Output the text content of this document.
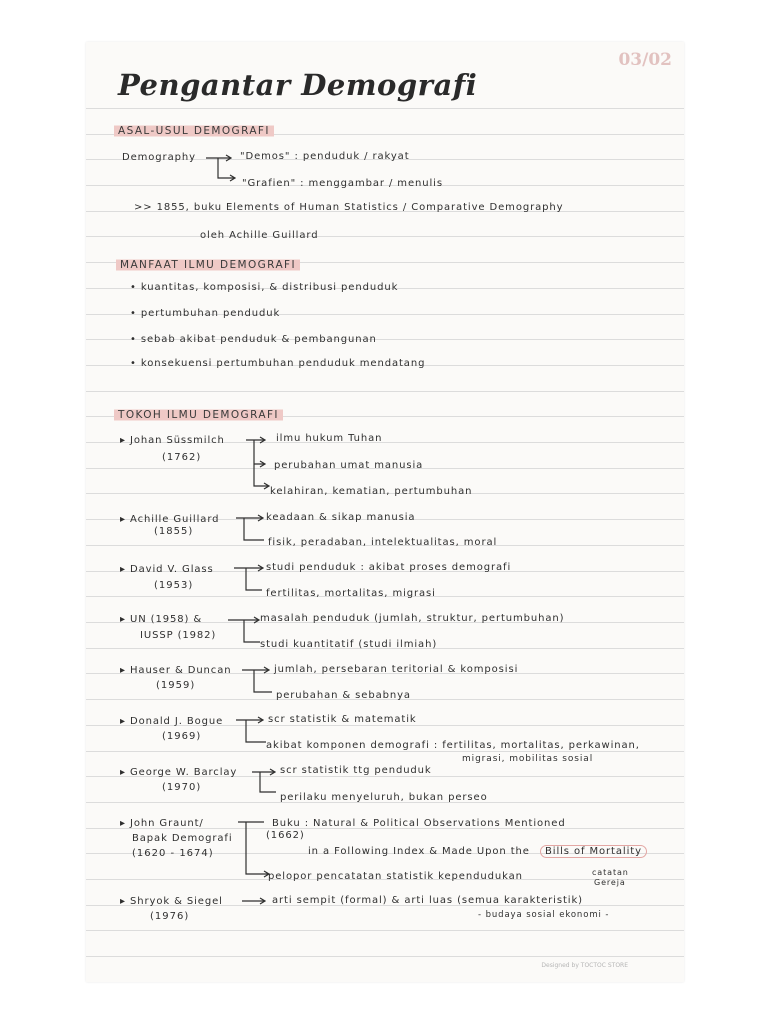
03/02
Pengantar Demografi
ASAL-USUL DEMOGRAFI
Demography	"Demos" : penduduk / rakyat
"Grafien" : menggambar / menulis
>> 1855, buku Elements of Human Statistics / Comparative Demography
oleh Achille Guillard
MANFAAT ILMU DEMOGRAFI
• kuantitas, komposisi, & distribusi penduduk
• pertumbuhan penduduk
• sebab akibat penduduk & pembangunan
• konsekuensi pertumbuhan penduduk mendatang
TOKOH ILMU DEMOGRAFI
▸ Johan Süssmilch
(1762)
ilmu hukum Tuhan
perubahan umat manusia
kelahiran, kematian, pertumbuhan
▸ Achille Guillard
(1855)
keadaan & sikap manusia
fisik, peradaban, intelektualitas, moral
▸ David V. Glass
(1953)
studi penduduk : akibat proses demografi
fertilitas, mortalitas, migrasi
▸ UN (1958) &
IUSSP (1982)
masalah penduduk (jumlah, struktur, pertumbuhan)
studi kuantitatif (studi ilmiah)
▸ Hauser & Duncan
(1959)
jumlah, persebaran teritorial & komposisi
perubahan & sebabnya
▸ Donald J. Bogue
(1969)
scr statistik & matematik
akibat komponen demografi : fertilitas, mortalitas, perkawinan,
migrasi, mobilitas sosial
▸ George W. Barclay
(1970)
scr statistik ttg penduduk
perilaku menyeluruh, bukan perseo
▸ John Graunt/
Bapak Demografi
(1620 - 1674)
Buku : Natural & Political Observations Mentioned
(1662)
in a Following Index & Made Upon the	Bills of Mortality
catatan
Gereja
pelopor pencatatan statistik kependudukan
▸ Shryok & Siegel
(1976)
arti sempit (formal) & arti luas (semua karakteristik)
- budaya sosial ekonomi -
Designed by TOCTOC STORE
